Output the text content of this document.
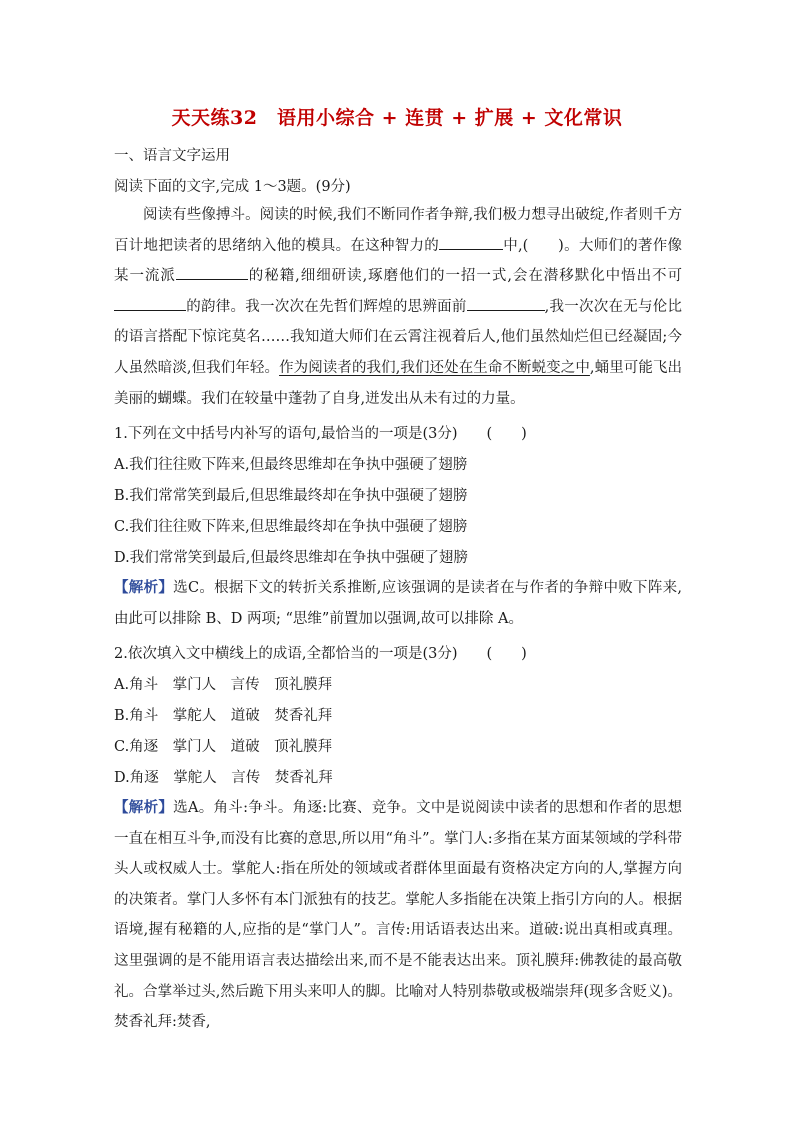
天天练32　语用小综合 + 连贯 + 扩展 + 文化常识
一、语言文字运用
阅读下面的文字,完成 1～3题。(9分)
阅读有些像搏斗。阅读的时候,我们不断同作者争辩,我们极力想寻出破绽,作者则千方百计地把读者的思绪纳入他的模具。在这种智力的	中,(　　)。大师们的著作像某一流派	的秘籍,细细研读,琢磨他们的一招一式,会在潜移默化中悟出不可的韵律。我一次次在先哲们辉煌的思辨面前	,我一次次在无与伦比的语言搭配下惊诧莫名……我知道大师们在云霄注视着后人,他们虽然灿烂但已经凝固;今人虽然暗淡,但我们年轻。作为阅读者的我们,我们还处在生命不断蜕变之中,蛹里可能飞出美丽的蝴蝶。我们在较量中蓬勃了自身,迸发出从未有过的力量。
1.下列在文中括号内补写的语句,最恰当的一项是(3分)　　(　　)
A.我们往往败下阵来,但最终思维却在争执中强硬了翅膀
B.我们常常笑到最后,但思维最终却在争执中强硬了翅膀
C.我们往往败下阵来,但思维最终却在争执中强硬了翅膀
D.我们常常笑到最后,但最终思维却在争执中强硬了翅膀
【解析】选C。根据下文的转折关系推断,应该强调的是读者在与作者的争辩中败下阵来,由此可以排除 B、D 两项; “思维”前置加以强调,故可以排除 A。
2.依次填入文中横线上的成语,全都恰当的一项是(3分)　　(　　)
A.角斗　掌门人　言传　顶礼膜拜
B.角斗　掌舵人　道破　焚香礼拜
C.角逐　掌门人　道破　顶礼膜拜
D.角逐　掌舵人　言传　焚香礼拜
【解析】选A。角斗:争斗。角逐:比赛、竞争。文中是说阅读中读者的思想和作者的思想一直在相互斗争,而没有比赛的意思,所以用“角斗”。掌门人:多指在某方面某领域的学科带头人或权威人士。掌舵人:指在所处的领域或者群体里面最有资格决定方向的人,掌握方向的决策者。掌门人多怀有本门派独有的技艺。掌舵人多指能在决策上指引方向的人。根据语境,握有秘籍的人,应指的是“掌门人”。言传:用话语表达出来。道破:说出真相或真理。这里强调的是不能用语言表达描绘出来,而不是不能表达出来。顶礼膜拜:佛教徒的最高敬礼。合掌举过头,然后跪下用头来叩人的脚。比喻对人特别恭敬或极端崇拜(现多含贬义)。焚香礼拜:焚香,
